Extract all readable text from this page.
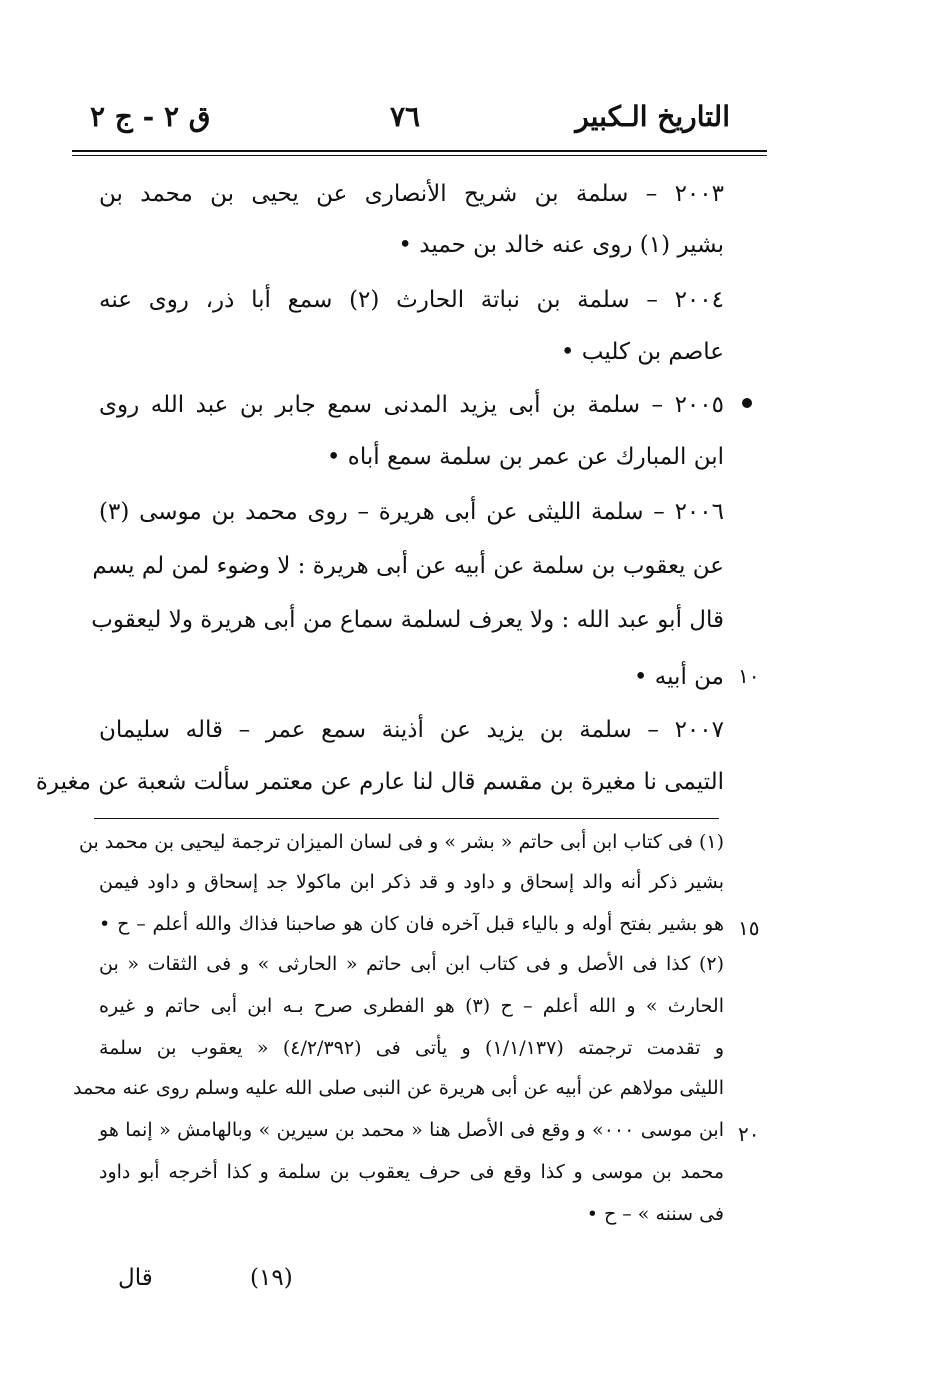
التاريخ الـكبير
٧٦
ق ٢ - ج ٢
٢٠٠٣ – سلمة بن شريح الأنصارى عن يحيى بن محمد بن
بشير (١) روى عنه خالد بن حميد •
٢٠٠٤ – سلمة بن نباتة الحارث (٢) سمع أبا ذر، روى عنه
عاصم بن كليب •
٢٠٠٥ – سلمة بن أبى يزيد المدنى سمع جابر بن عبد الله روى
ابن المبارك عن عمر بن سلمة سمع أباه •
٢٠٠٦ – سلمة الليثى عن أبى هريرة – روى محمد بن موسى (٣)
عن يعقوب بن سلمة عن أبيه عن أبى هريرة : لا وضوء لمن لم يسم
قال أبو عبد الله : ولا يعرف لسلمة سماع من أبى هريرة ولا ليعقوب
من أبيه • ١٠
٢٠٠٧ – سلمة بن يزيد عن أذينة سمع عمر – قاله سليمان
التيمى نا مغيرة بن مقسم قال لنا عارم عن معتمر سألت شعبة عن مغيرة
(١) فى كتاب ابن أبى حاتم « بشر » و فى لسان الميزان ترجمة ليحيى بن محمد بن
بشير ذكر أنه والد إسحاق و داود و قد ذكر ابن ماكولا جد إسحاق و داود فيمن
هو بشير بفتح أوله و بالياء قبل آخره فان كان هو صاحبنا فذاك والله أعلم – ح • ١٥
(٢) كذا فى الأصل و فى كتاب ابن أبى حاتم « الحارثى » و فى الثقات « بن
الحارث » و الله أعلم – ح (٣) هو الفطرى صرح بـه ابن أبى حاتم و غيره
و تقدمت ترجمته (١/١/١٣٧) و يأتى فى (٤/٢/٣٩٢) « يعقوب بن سلمة
الليثى مولاهم عن أبيه عن أبى هريرة عن النبى صلى الله عليه وسلم روى عنه محمد
ابن موسى ٠٠٠» و وقع فى الأصل هنا « محمد بن سيرين » وبالهامش « إنما هو ٢٠
محمد بن موسى و كذا وقع فى حرف يعقوب بن سلمة و كذا أخرجه أبو داود
فى سننه » – ح •
(١٩)
قال
